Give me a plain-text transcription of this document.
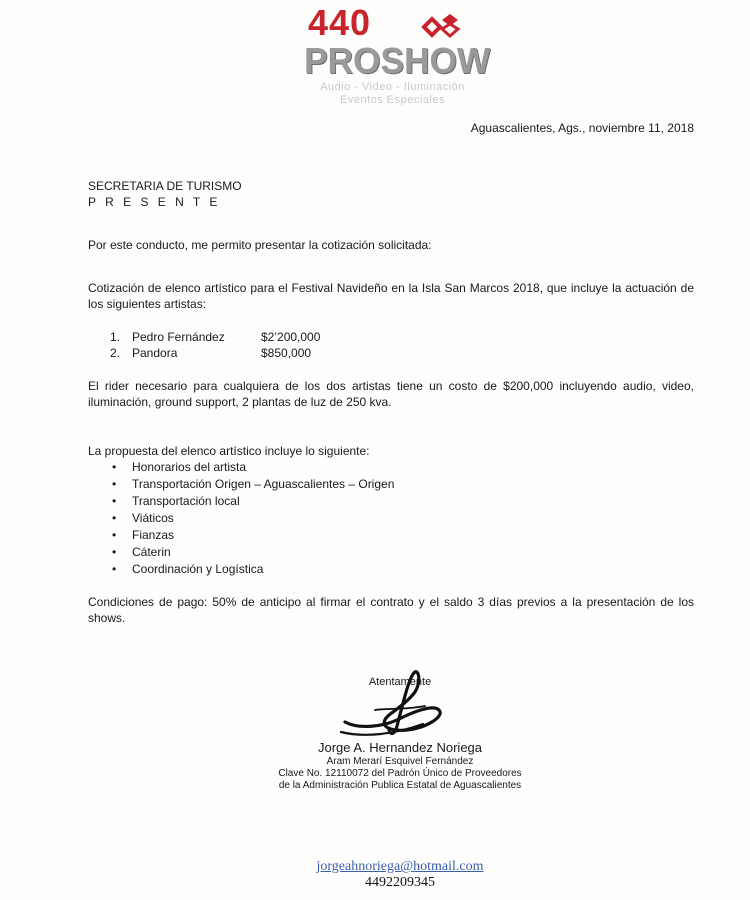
440
PROSHOW
Audio - Video - Iluminación
Eventos Especiales
Aguascalientes, Ags., noviembre 11, 2018
SECRETARIA DE TURISMO
P R E S E N T E
Por este conducto, me permito presentar la cotización solicitada:
Cotización de elenco artístico para el Festival Navideño en la Isla San Marcos 2018, que incluye la actuación de los siguientes artistas:
1. Pedro Fernández	$2’200,000
2. Pandora	$850,000
El rider necesario para cualquiera de los dos artistas tiene un costo de $200,000 incluyendo audio, video, iluminación, ground support, 2 plantas de luz de 250 kva.
La propuesta del elenco artístico incluye lo siguiente:
• Honorarios del artista
• Transportación Origen – Aguascalientes – Origen
• Transportación local
• Viáticos
• Fianzas
• Cáterin
• Coordinación y Logística
Condiciones de pago: 50% de anticipo al firmar el contrato y el saldo 3 días previos a la presentación de los shows.
Atentamente
Jorge A. Hernandez Noriega
Aram Merarí Esquivel Fernández
Clave No. 12110072 del Padrón Único de Proveedores
de la Administración Publica Estatal de Aguascalientes
jorgeahnoriega@hotmail.com
4492209345
